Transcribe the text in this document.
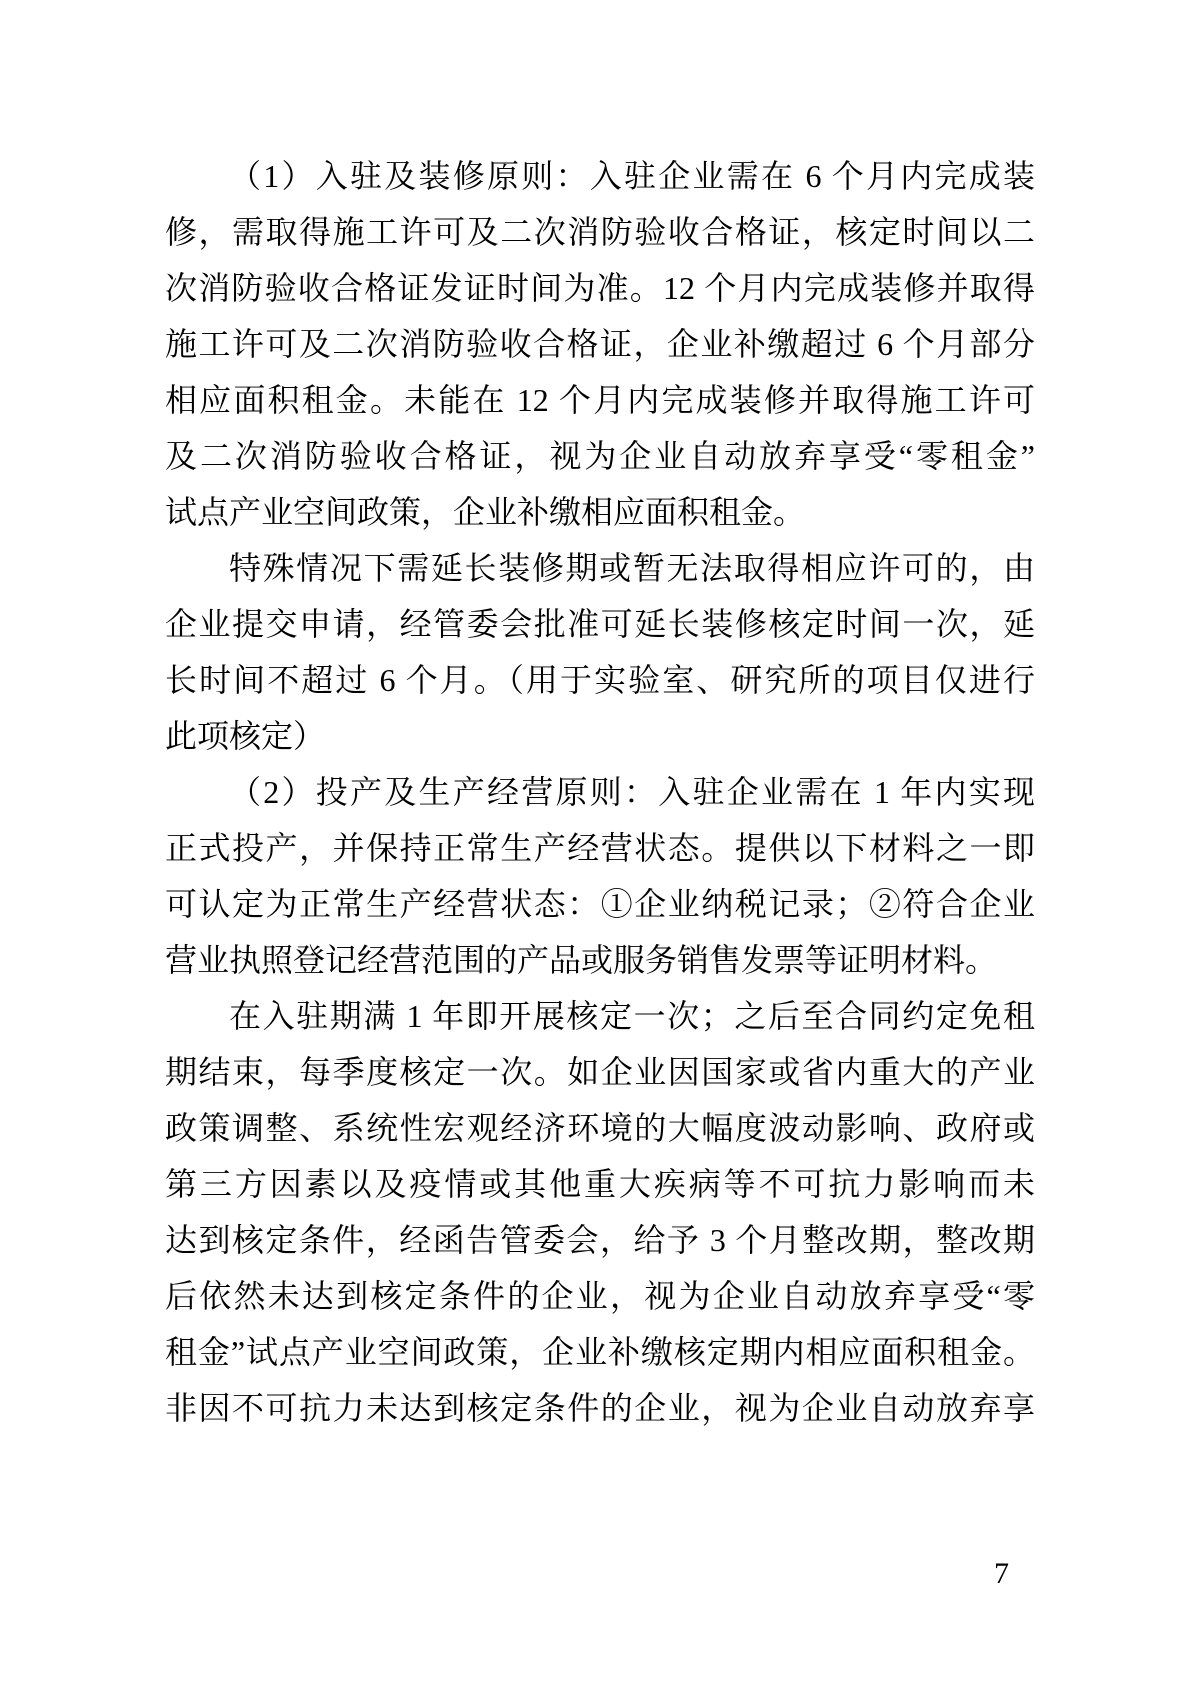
（1）入驻及装修原则：入驻企业需在 6 个月内完成装
修，需取得施工许可及二次消防验收合格证，核定时间以二
次消防验收合格证发证时间为准。12 个月内完成装修并取得
施工许可及二次消防验收合格证，企业补缴超过 6 个月部分
相应面积租金。未能在 12 个月内完成装修并取得施工许可
及二次消防验收合格证，视为企业自动放弃享受“零租金”
试点产业空间政策，企业补缴相应面积租金。
特殊情况下需延长装修期或暂无法取得相应许可的，由
企业提交申请，经管委会批准可延长装修核定时间一次，延
长时间不超过 6 个月。（用于实验室、研究所的项目仅进行
此项核定）
（2）投产及生产经营原则：入驻企业需在 1 年内实现
正式投产，并保持正常生产经营状态。提供以下材料之一即
可认定为正常生产经营状态：①企业纳税记录；②符合企业
营业执照登记经营范围的产品或服务销售发票等证明材料。
在入驻期满 1 年即开展核定一次；之后至合同约定免租
期结束，每季度核定一次。如企业因国家或省内重大的产业
政策调整、系统性宏观经济环境的大幅度波动影响、政府或
第三方因素以及疫情或其他重大疾病等不可抗力影响而未
达到核定条件，经函告管委会，给予 3 个月整改期，整改期
后依然未达到核定条件的企业，视为企业自动放弃享受“零
租金”试点产业空间政策，企业补缴核定期内相应面积租金。
非因不可抗力未达到核定条件的企业，视为企业自动放弃享
7
